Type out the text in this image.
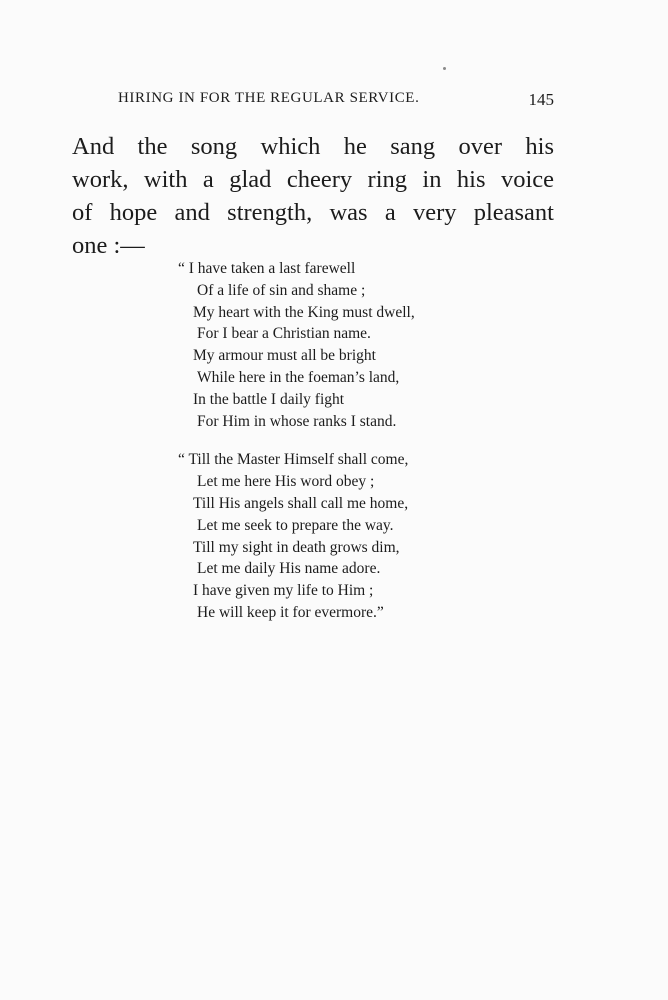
HIRING IN FOR THE REGULAR SERVICE.	145
And the song which he sang over his
work, with a glad cheery ring in his voice
of hope and strength, was a very pleasant
one :—
“ I have taken a last farewell
Of a life of sin and shame ;
My heart with the King must dwell,
For I bear a Christian name.
My armour must all be bright
While here in the foeman’s land,
In the battle I daily fight
For Him in whose ranks I stand.
“ Till the Master Himself shall come,
Let me here His word obey ;
Till His angels shall call me home,
Let me seek to prepare the way.
Till my sight in death grows dim,
Let me daily His name adore.
I have given my life to Him ;
He will keep it for evermore.”
